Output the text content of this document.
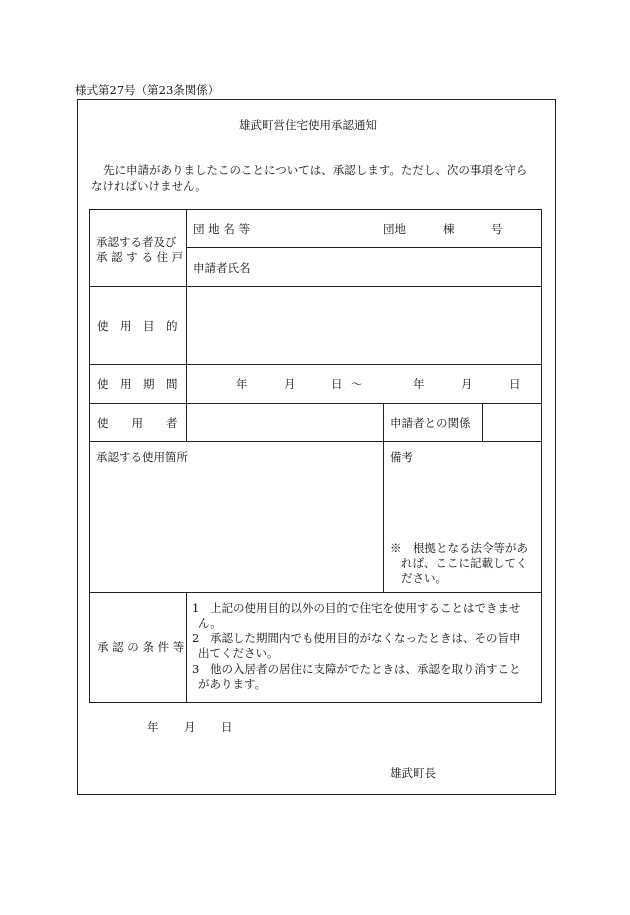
様式第27号（第23条関係）
雄武町営住宅使用承認通知
先に申請がありましたこのことについては、承認します。ただし、次の事項を守ら
なければいけません。
承認する者及び
承 認 す る 住 戸
団 地 名 等	団地	棟	号
申請者氏名
使　用　目　的
使　用　期　間	年	月	日 ～	年	月	日
使　　用　　者	申請者との関係
承認する使用箇所	備考
※　根拠となる法令等があ
れば、ここに記載してく
ださい。
承 認 の 条 件 等
1 上記の使用目的以外の目的で住宅を使用することはできませ
ん。
2 承認した期間内でも使用目的がなくなったときは、その旨申
出てください。
3 他の入居者の居住に支障がでたときは、承認を取り消すこと
があります。
年 月 日
雄武町長
